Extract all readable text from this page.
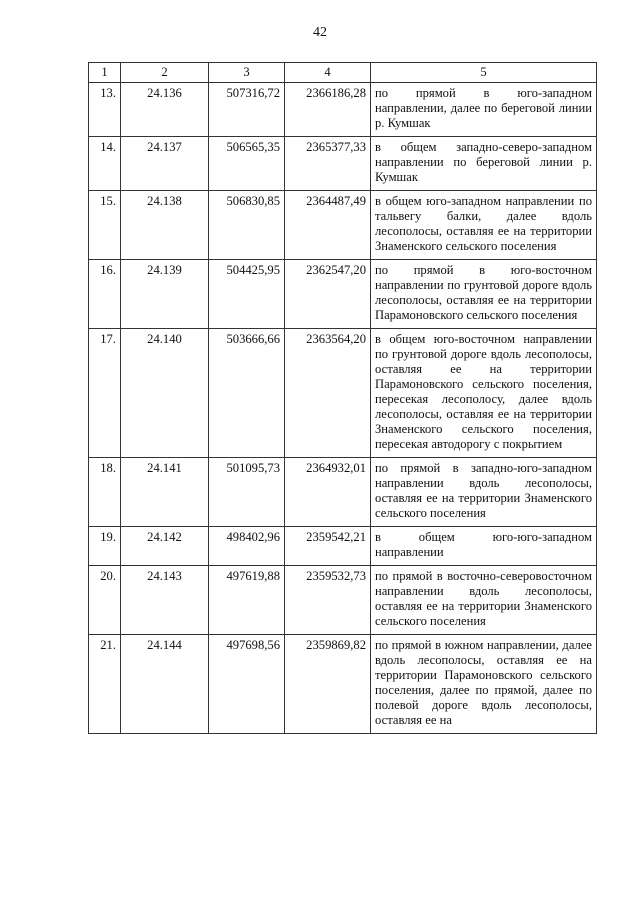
42
1	2	3	4	5
13.	24.136	507316,72	2366186,28	по прямой в юго-западном направлении, далее по береговой линии р. Кумшак
14.	24.137	506565,35	2365377,33	в общем западно-северо-западном направлении по береговой линии р. Кумшак
15.	24.138	506830,85	2364487,49	в общем юго-западном направлении по тальвегу балки, далее вдоль лесополосы, оставляя ее на территории Знаменского сельского поселения
16.	24.139	504425,95	2362547,20	по прямой в юго-восточном направлении по грунтовой дороге вдоль лесополосы, оставляя ее на территории Парамоновского сельского поселения
17.	24.140	503666,66	2363564,20	в общем юго-восточном направлении по грунтовой дороге вдоль лесополосы, оставляя ее на территории Парамоновского сельского поселения, пересекая лесополосу, далее вдоль лесополосы, оставляя ее на территории Знаменского сельского поселения, пересекая автодорогу с покрытием
18.	24.141	501095,73	2364932,01	по прямой в западно-юго-западном направлении вдоль лесополосы, оставляя ее на территории Знаменского сельского поселения
19.	24.142	498402,96	2359542,21	в общем юго-юго-западном направлении
20.	24.143	497619,88	2359532,73	по прямой в восточно-северовосточном направлении вдоль лесополосы, оставляя ее на территории Знаменского сельского поселения
21.	24.144	497698,56	2359869,82	по прямой в южном направлении, далее вдоль лесополосы, оставляя ее на территории Парамоновского сельского поселения, далее по прямой, далее по полевой дороге вдоль лесополосы, оставляя ее на
